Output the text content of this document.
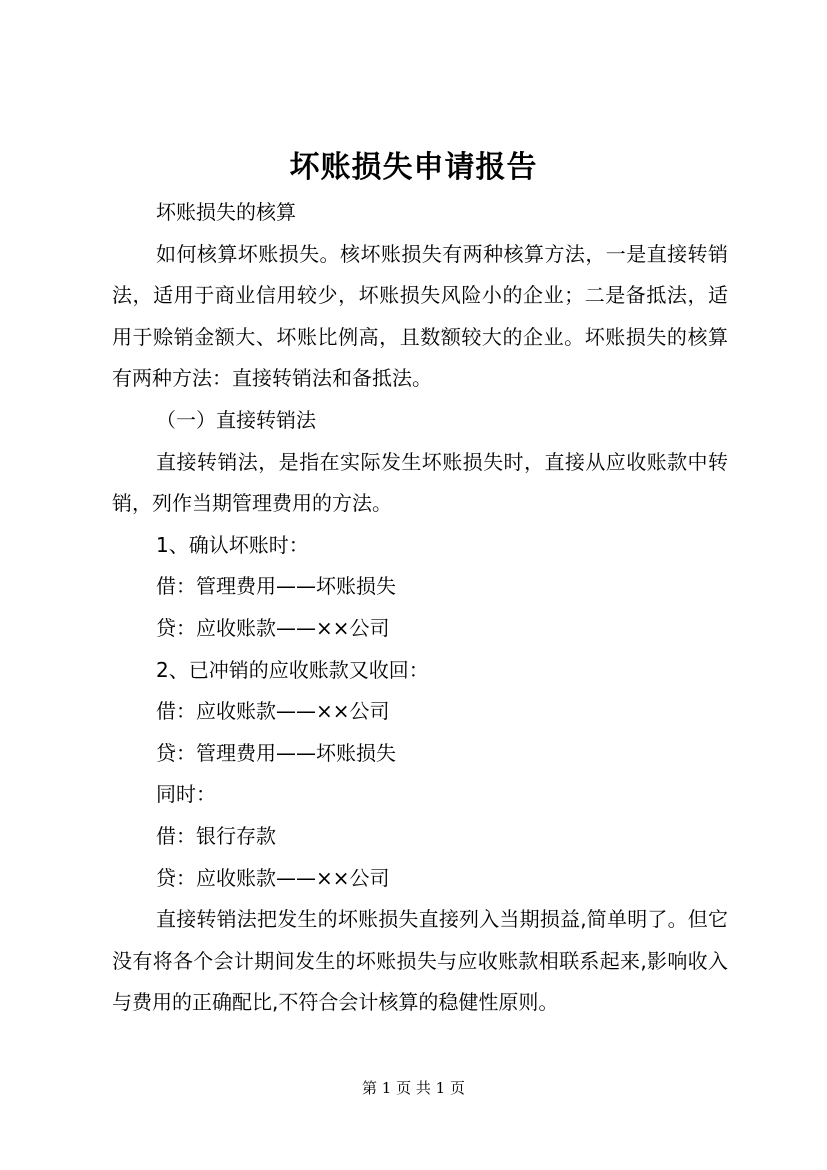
坏账损失申请报告

坏账损失的核算

如何核算坏账损失。核坏账损失有两种核算方法，一是直接转销法，适用于商业信用较少，坏账损失风险小的企业；二是备抵法，适用于赊销金额大、坏账比例高，且数额较大的企业。坏账损失的核算有两种方法：直接转销法和备抵法。

（一）直接转销法

直接转销法，是指在实际发生坏账损失时，直接从应收账款中转销，列作当期管理费用的方法。

1、确认坏账时：

借：管理费用——坏账损失

贷：应收账款——××公司

2、已冲销的应收账款又收回：

借：应收账款——××公司

贷：管理费用——坏账损失

同时：

借：银行存款

贷：应收账款——××公司

直接转销法把发生的坏账损失直接列入当期损益,简单明了。但它没有将各个会计期间发生的坏账损失与应收账款相联系起来,影响收入与费用的正确配比,不符合会计核算的稳健性原则。

第 1 页 共 1 页
